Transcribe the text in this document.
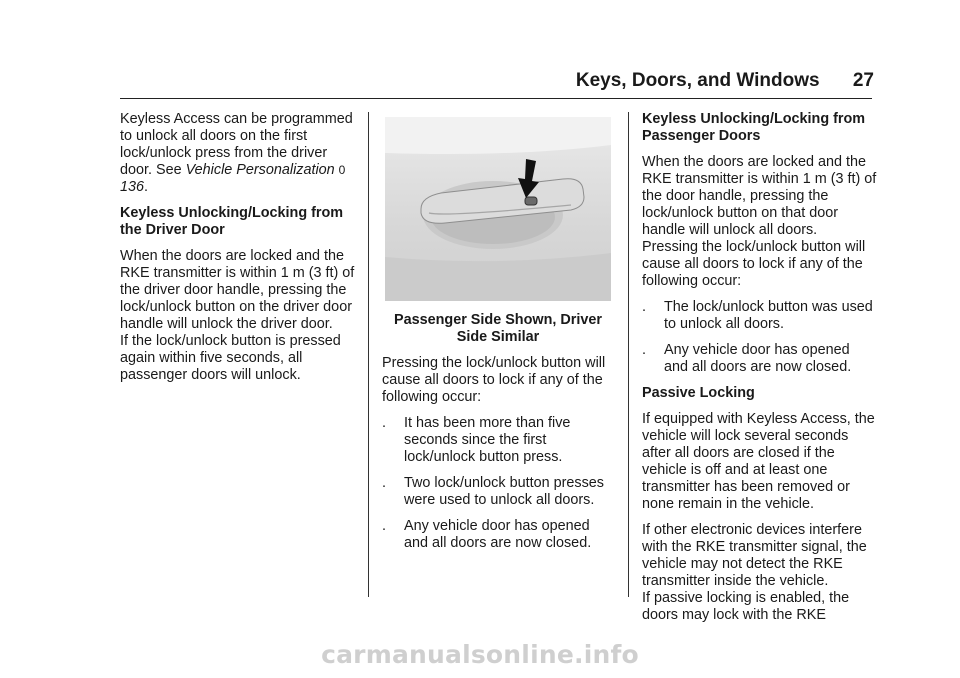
Keys, Doors, and Windows 27

Keyless Access can be programmed to unlock all doors on the first lock/unlock press from the driver door. See Vehicle Personalization 0 136.

Keyless Unlocking/Locking from the Driver Door

When the doors are locked and the RKE transmitter is within 1 m (3 ft) of the driver door handle, pressing the lock/unlock button on the driver door handle will unlock the driver door.

If the lock/unlock button is pressed again within five seconds, all passenger doors will unlock.

Passenger Side Shown, Driver Side Similar

Pressing the lock/unlock button will cause all doors to lock if any of the following occur:

.	It has been more than five seconds since the first lock/unlock button press.
.	Two lock/unlock button presses were used to unlock all doors.
.	Any vehicle door has opened and all doors are now closed.
Keyless Unlocking/Locking from Passenger Doors

When the doors are locked and the RKE transmitter is within 1 m (3 ft) of the door handle, pressing the lock/unlock button on that door handle will unlock all doors. Pressing the lock/unlock button will cause all doors to lock if any of the following occur:

.	The lock/unlock button was used to unlock all doors.
.	Any vehicle door has opened and all doors are now closed.
Passive Locking

If equipped with Keyless Access, the vehicle will lock several seconds after all doors are closed if the vehicle is off and at least one transmitter has been removed or none remain in the vehicle.

If other electronic devices interfere with the RKE transmitter signal, the vehicle may not detect the RKE transmitter inside the vehicle.

If passive locking is enabled, the doors may lock with the RKE

carmanualsonline.info
